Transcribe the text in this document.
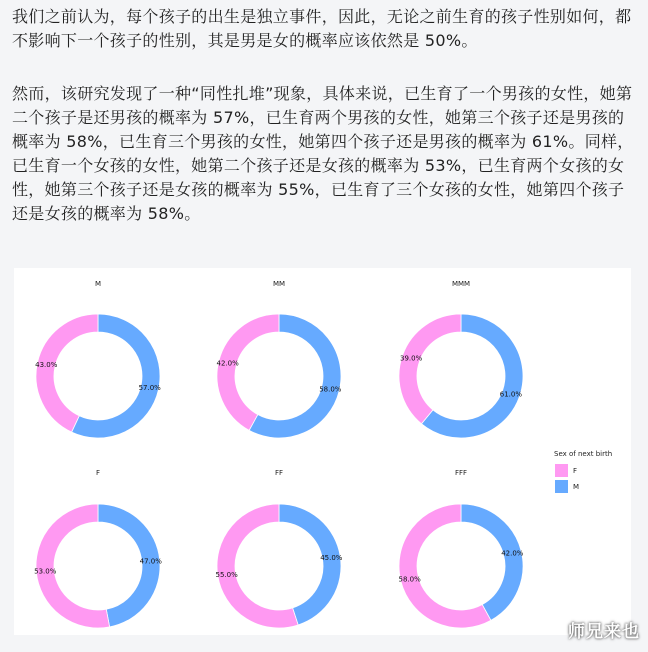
我们之前认为，每个孩子的出生是独立事件，因此，无论之前生育的孩子性别如何，都不影响下一个孩子的性别，其是男是女的概率应该依然是 50%。

然而，该研究发现了一种“同性扎堆”现象，具体来说，已生育了一个男孩的女性，她第二个孩子是还男孩的概率为 57%，已生育两个男孩的女性，她第三个孩子还是男孩的概率为 58%，已生育三个男孩的女性，她第四个孩子还是男孩的概率为 61%。同样，已生育一个女孩的女性，她第二个孩子还是女孩的概率为 53%，已生育两个女孩的女性，她第三个孩子还是女孩的概率为 55%，已生育了三个女孩的女性，她第四个孩子还是女孩的概率为 58%。

M
57.0%
43.0%
MM
58.0%
42.0%
MMM
61.0%
39.0%
F
47.0%
53.0%
FF
45.0%
55.0%
FFF
42.0%
58.0%
Sex of next birth
F
M
师兄来也
